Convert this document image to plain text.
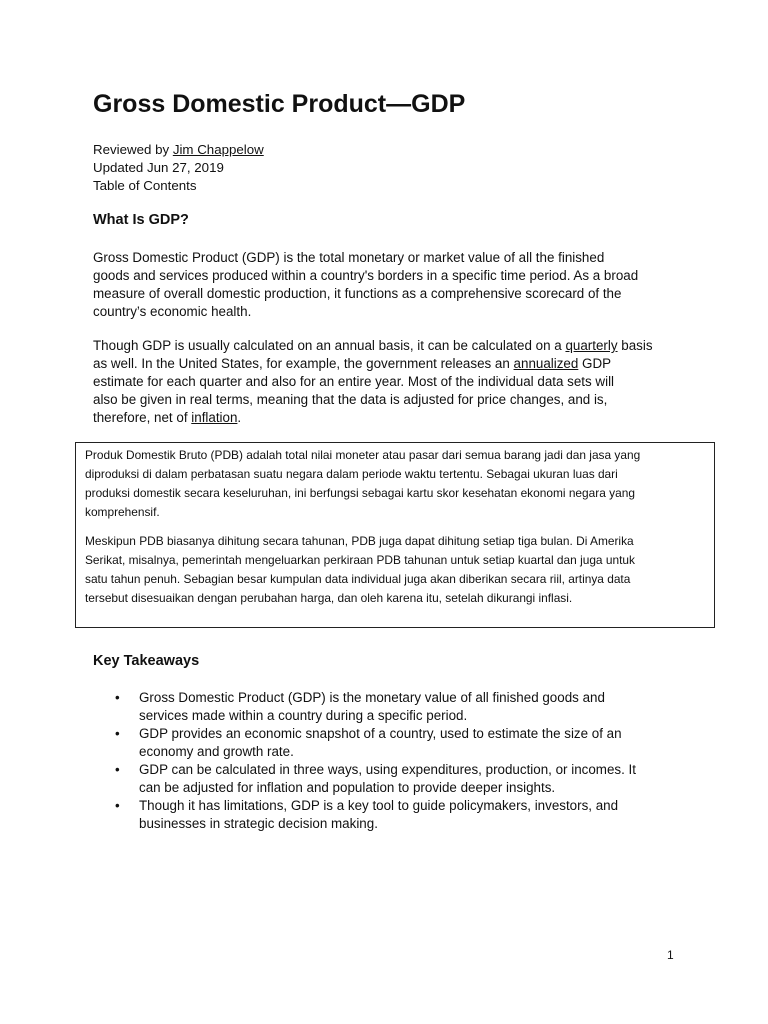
Gross Domestic Product—GDP
Reviewed by Jim Chappelow
Updated Jun 27, 2019
Table of Contents
What Is GDP?

Gross Domestic Product (GDP) is the total monetary or market value of all the finished
goods and services produced within a country's borders in a specific time period. As a broad
measure of overall domestic production, it functions as a comprehensive scorecard of the
country’s economic health.

Though GDP is usually calculated on an annual basis, it can be calculated on a quarterly basis
as well. In the United States, for example, the government releases an annualized GDP
estimate for each quarter and also for an entire year. Most of the individual data sets will
also be given in real terms, meaning that the data is adjusted for price changes, and is,
therefore, net of inflation.

Produk Domestik Bruto (PDB) adalah total nilai moneter atau pasar dari semua barang jadi dan jasa yang
diproduksi di dalam perbatasan suatu negara dalam periode waktu tertentu. Sebagai ukuran luas dari
produksi domestik secara keseluruhan, ini berfungsi sebagai kartu skor kesehatan ekonomi negara yang
komprehensif.

Meskipun PDB biasanya dihitung secara tahunan, PDB juga dapat dihitung setiap tiga bulan. Di Amerika
Serikat, misalnya, pemerintah mengeluarkan perkiraan PDB tahunan untuk setiap kuartal dan juga untuk
satu tahun penuh. Sebagian besar kumpulan data individual juga akan diberikan secara riil, artinya data
tersebut disesuaikan dengan perubahan harga, dan oleh karena itu, setelah dikurangi inflasi.

Key Takeaways
• Gross Domestic Product (GDP) is the monetary value of all finished goods and
services made within a country during a specific period.
• GDP provides an economic snapshot of a country, used to estimate the size of an
economy and growth rate.
• GDP can be calculated in three ways, using expenditures, production, or incomes. It
can be adjusted for inflation and population to provide deeper insights.
• Though it has limitations, GDP is a key tool to guide policymakers, investors, and
businesses in strategic decision making.
1
